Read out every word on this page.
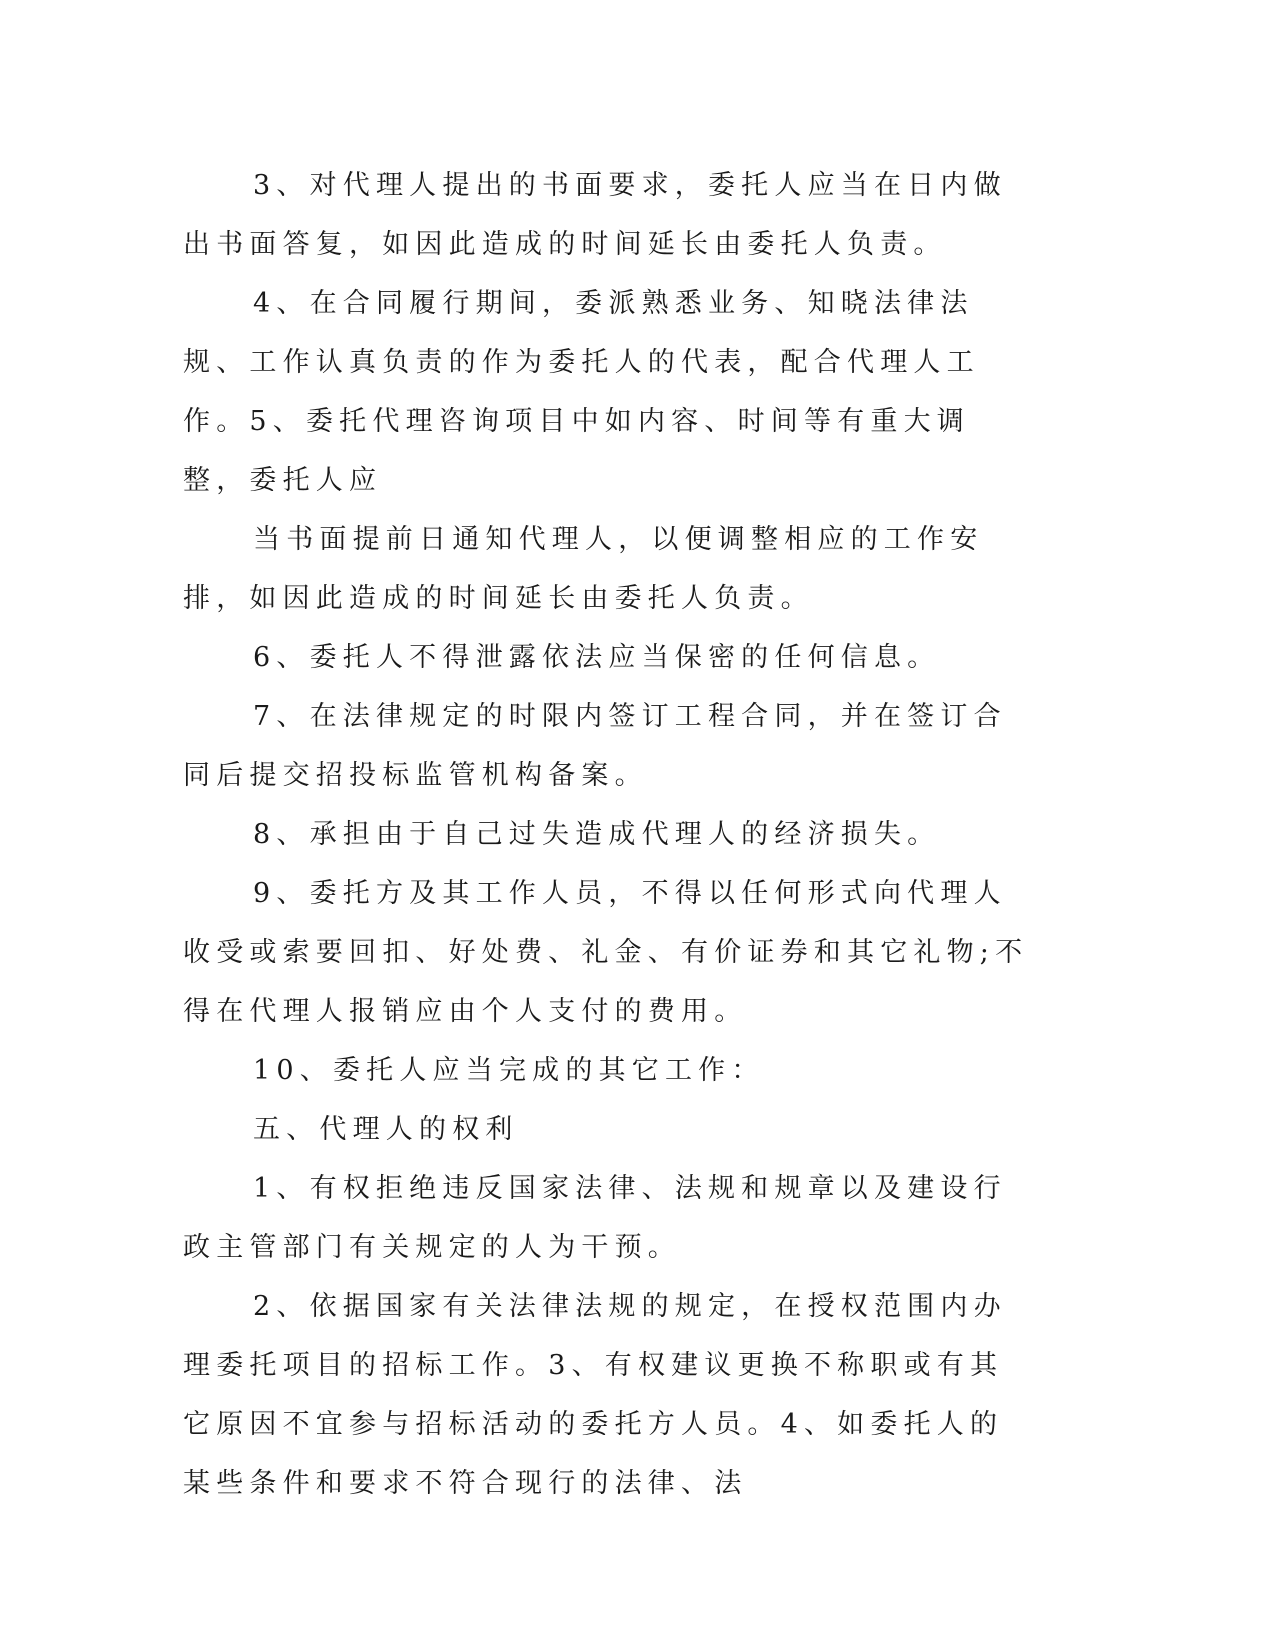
3、对代理人提出的书面要求，委托人应当在日内做出书面答复，如因此造成的时间延长由委托人负责。

4、在合同履行期间，委派熟悉业务、知晓法律法规、工作认真负责的作为委托人的代表，配合代理人工作。5、委托代理咨询项目中如内容、时间等有重大调整，委托人应

当书面提前日通知代理人，以便调整相应的工作安排，如因此造成的时间延长由委托人负责。

6、委托人不得泄露依法应当保密的任何信息。

7、在法律规定的时限内签订工程合同，并在签订合同后提交招投标监管机构备案。

8、承担由于自己过失造成代理人的经济损失。

9、委托方及其工作人员，不得以任何形式向代理人收受或索要回扣、好处费、礼金、有价证券和其它礼物;不得在代理人报销应由个人支付的费用。

10、委托人应当完成的其它工作：

五、代理人的权利

1、有权拒绝违反国家法律、法规和规章以及建设行政主管部门有关规定的人为干预。

2、依据国家有关法律法规的规定，在授权范围内办理委托项目的招标工作。3、有权建议更换不称职或有其它原因不宜参与招标活动的委托方人员。4、如委托人的某些条件和要求不符合现行的法律、法
